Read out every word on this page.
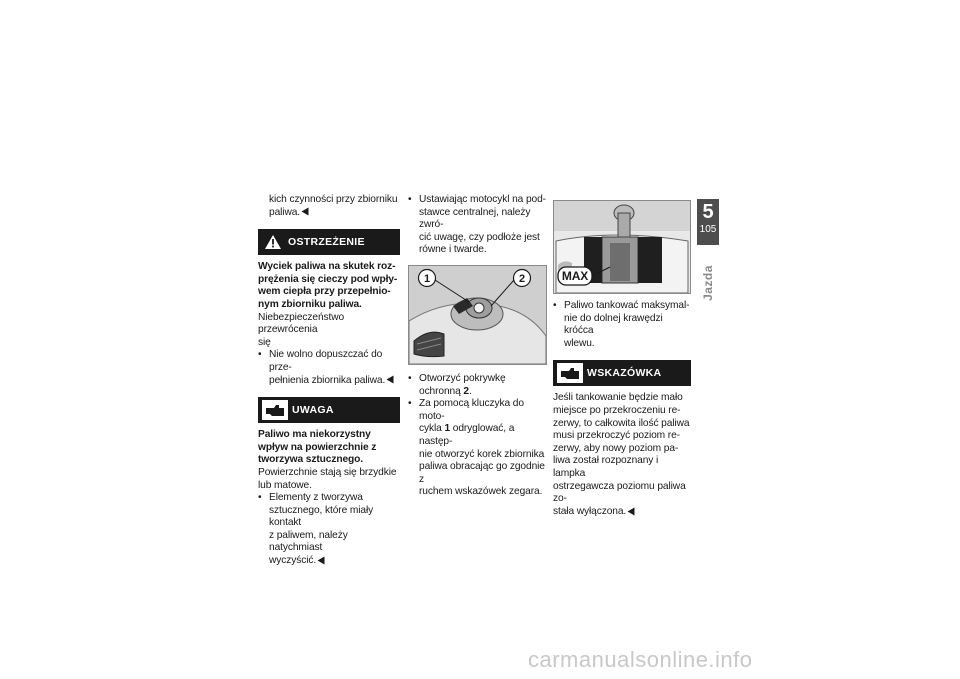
kich czynności przy zbiorniku
paliwa.

OSTRZEŻENIE

Wyciek paliwa na skutek roz-
prężenia się cieczy pod wpły-
wem ciepła przy przepełnio-
nym zbiorniku paliwa.

Niebezpieczeństwo przewrócenia
się

• Nie wolno dopuszczać do prze-
pełnienia zbiornika paliwa.

UWAGA

Paliwo ma niekorzystny
wpływ na powierzchnie z
tworzywa sztucznego.

Powierzchnie stają się brzydkie
lub matowe.

• Elementy z tworzywa
sztucznego, które miały kontakt
z paliwem, należy natychmiast
wyczyścić.

• Ustawiając motocykl na pod-
stawce centralnej, należy zwró-
cić uwagę, czy podłoże jest
równe i twarde.

1	2

• Otworzyć pokrywkę
ochronną 2.

• Za pomocą kluczyka do moto-
cykla 1 odryglować, a następ-
nie otworzyć korek zbiornika
paliwa obracając go zgodnie z
ruchem wskazówek zegara.

MAX

• Paliwo tankować maksymal-
nie do dolnej krawędzi króćca
wlewu.

WSKAZÓWKA

Jeśli tankowanie będzie mało
miejsce po przekroczeniu re-
zerwy, to całkowita ilość paliwa
musi przekroczyć poziom re-
zerwy, aby nowy poziom pa-
liwa został rozpoznany i lampka
ostrzegawcza poziomu paliwa zo-
stała wyłączona.

5
105
Jazda
carmanualsonline.info
